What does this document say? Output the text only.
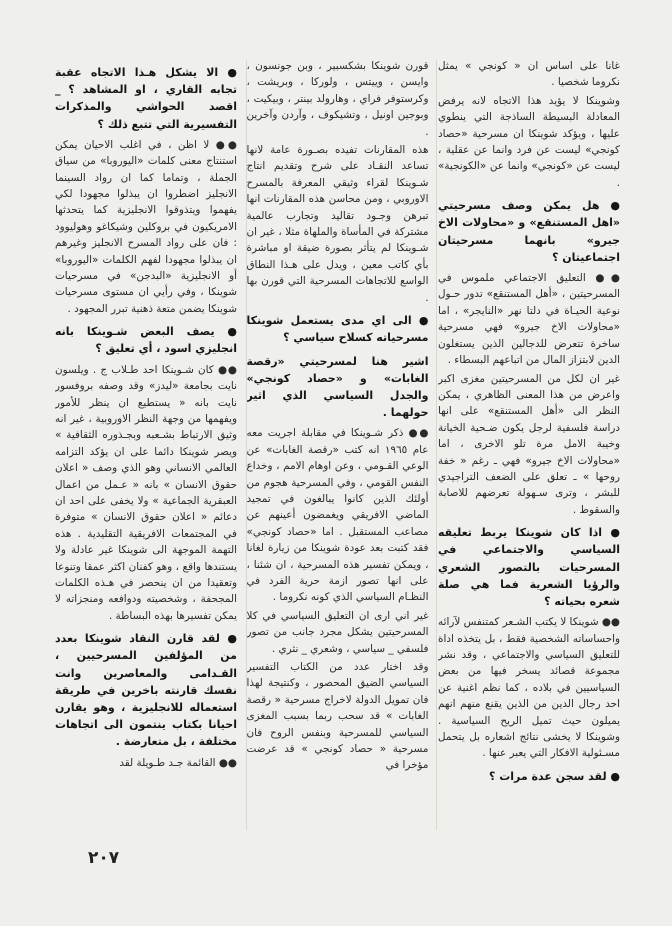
● الا يشكل هـذا الاتجاه عقبة تجابه القاري ، او المشاهد ؟ _ اقصد الحواشي والمذكرات التفسيرية التي تتبع ذلك ؟

●● لا اظن ، في اغلب الاحيان يمكن استنتاج معنى كلمات «اليوروبا» من سياق الجملة ، وتماما كما ان رواد السينما الانجليز اضطروا ان يبذلوا مجهودا لكي يفهموا ويتذوقوا الانجليزية كما يتحدثها الامريكيون في بروكلين وشيكاغو وهوليوود : فان على رواد المسرح الانجليز وغيرهم ان يبذلوا مجهودا لفهم الكلمات «اليوروبا» أو الانجليزية «البدجن» في مسرحيات شوينكا ، وفي رأيي ان مستوى مسرحيات شوينكا يضمن متعة ذهنية تبرر المجهود .

● يصف البعض شـوينكا بانه انجليزي اسود ، أي تعليق ؟

●● كان شـوينكا احد طـلاب ج . ويلسون نايت بجامعة «ليدز» وقد وصفه بروفسور نايت بانه « يستطيع ان ينظر للأمور ويفهمها من وجهة النظر الاوروبية ، غير انه وثيق الارتباط بشـعبه وبجـذوره الثقافية » ويصر شوينكا دائما على ان يؤكد التزامه العالمي الانساني وهو الذي وصف « اعلان حقوق الانسان » بانه « عـمل من اعمال العبقرية الجماعية » ولا يخفى على احد ان دعائم « اعلان حقوق الانسان » متوفرة في المجتمعات الافريقية التقليدية . هذه التهمة الموجهة الى شوينكا غير عادلة ولا يستندها واقع ، وهو كفنان اكثر عمقا وتنوعا وتعقيدا من ان ينحصر في هـذه الكلمات المجحفة ، وشخصيته ودوافعه ومنجزاته لا يمكن تفسيرها بهذه البساطة .

● لقد قارن النقاد شوينكا بعدد من المؤلفين المسرحيين ، القـدامى والمعاصرين وانت نفسك قارنته باخرين في طريقة استعماله للانجليزية ، وهو يقارن احيانا بكتاب ينتمون الى اتجاهات مختلفة ، بل متعارضة .

●● القائمة جـد طـويلة لقد

قورن شوينكا بشكسبير ، وبن جونسون ، وايسن ، وييتس ، ولوركا ، وبريشت ، وكرستوفر فراي ، وهارولد بينتر ، وبيكيت ، وبوجين اونيل ، وتشيكوف ، وآردن وآخرين .

هذه المقارنات تفيده بصـورة عامة لانها تساعد النقـاد على شرح وتقديم انتاج شـوينكا لقراء وثيقي المعرفة بالمسرح الاوروبي ، ومن محاسن هذه المقارنات انها تبرهن وجـود تقاليد وتجارب عالمية مشتركة في المأساة والملهاة مثلا ، غير ان شـوينكا لم يتأثر بصورة ضيقة او مباشرة بأي كاتب معين ، ويدل على هـذا النطاق الواسع للاتجاهات المسرحية التي قورن بها .

● الى اي مدى يستعمل شوينكا مسرحياته كسلاح سياسي ؟

اشير هنا لمسرحيتي «رقصة الغابات» و «حصاد كونجي» والجدل السياسي الذي اثير حولهما .

●● ذكر شـوينكا في مقابلة اجريت معه عام ١٩٦٥ انه كتب «رقصة الغابات» عن الوعي القـومي ، وعن اوهام الامم ، وخداع النفس القومي ، وفي المسرحية هجوم من أولئك الذين كانوا يبالغون في تمجيد الماضي الافريقي ويغمضون أعينهم عن مصاعب المستقبل . اما «حصاد كونجي» فقد كتبت بعد عودة شوينكا من زيارة لغانا ، ويمكن تفسير هذه المسرحية ، ان شئنا ، على انها تصور ازمة حرية الفرد في النظـام السياسي الذي كونه نكروما .

غير اني ارى ان التعليق السياسي في كلا المسرحيتين يشكل مجرد جانب من تصور فلسفي _ سياسي ، وشعري _ نثري .

وقد اختار عدد من الكتاب التفسير السياسي الضيق المحصور ، وكنتيجة لهذا فان تمويل الدولة لاخراج مسرحية « رقصة الغابات » قد سحب ربما بسبب المغزى السياسي للمسرحية وبنفس الروح فان مسرحية « حصاد كونجي » قد عرضت مؤخرا في

غانا على اساس ان « كونجي » يمثل نكروما شخصيا .

وشوينكا لا يؤيد هذا الاتجاه لانه يرفض المعادلة البسيطة الساذجة التي ينطوي عليها ، ويؤكد شوينكا ان مسرحية «حصاد كونجي» ليست عن فرد وانما عن عقلية ، ليست عن «كونجي» وانما عن «الكونجية» .

● هل يمكن وصف مسرحيتي «اهل المستنقع» و «محاولات الاخ جيرو» بانهما مسرحيتان اجتماعيتان ؟

●● التعليق الاجتماعي ملموس في المسرحيتين ، «أهل المستنقع» تدور حـول نوعية الحيـاة في دلتا نهر «النايجر» ، اما «محاولات الاخ جيرو» فهي مسرحية ساخرة تتعرض للدجالين الذين يستغلون الدين لابتزاز المال من اتباعهم البسطاء .

غير ان لكل من المسرحيتين مغزى اكبر واعرض من هذا المعنى الظاهري ، يمكن النظر الى «أهل المستنقع» على انها دراسة فلسفية لرجل يكون ضـحية الخيانة وخيبة الامل مرة تلو الاخرى ، اما «محاولات الاخ جيرو» فهي ـ رغم « خفة روحها » ـ تعلق على الضعف التراجيدي للبشر ، وترى سـهولة تعرضهم للاصابة والسقوط .

● اذا كان شوينكا يربط تعليقه السياسي والاجتماعي في المسرحيات بالتصور الشعري والرؤيا الشعرية فما هي صلة شعره بحياته ؟

●● شوينكا لا يكتب الشـعر كمتنفس لآرائه واحساساته الشخصية فقط ، بل يتخذه اداة للتعليق السياسي والاجتماعي ، وقد نشر مجموعة قصائد يسخر فيها من بعض السياسيين في بلاده ، كما نظم اغنية عن احد رجال الدين من الذين يقنع منهم انهم يميلون حيث تميل الريح السياسية . وشوينكا لا يخشى نتائج اشعاره بل يتحمل مسـئولية الافكار التي يعبر عنها .

● لقد سجن عدة مرات ؟

٢٠٧
